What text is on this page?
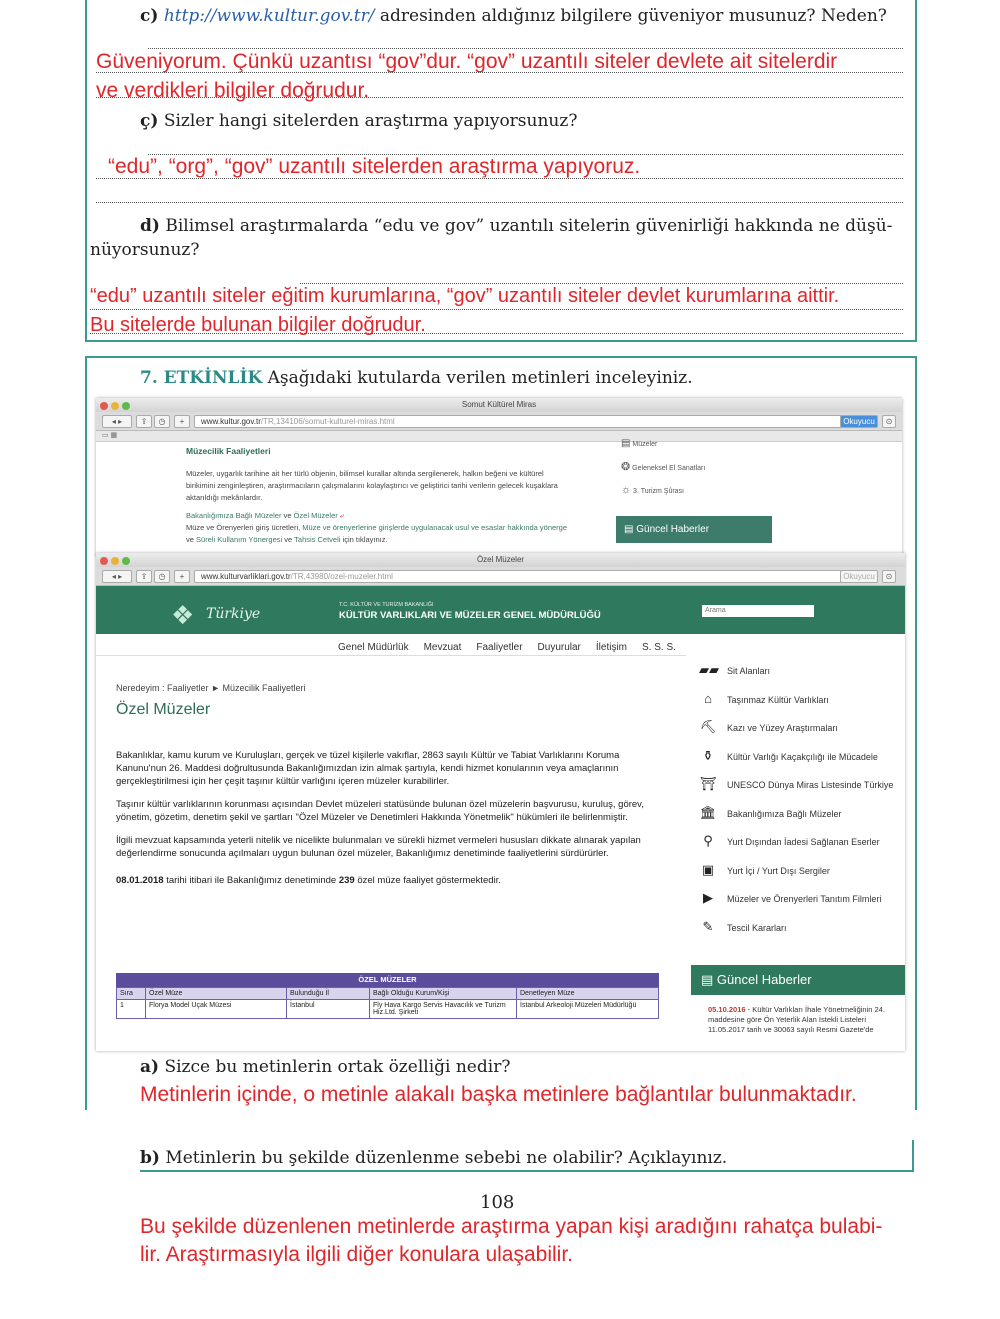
c) http://www.kultur.gov.tr/ adresinden aldığınız bilgilere güveniyor musunuz? Neden?
Güveniyorum. Çünkü uzantısı “gov”dur. “gov” uzantılı siteler devlete ait sitelerdir
ve verdikleri bilgiler doğrudur.
ç) Sizler hangi sitelerden araştırma yapıyorsunuz?
“edu”, “org”, “gov” uzantılı sitelerden araştırma yapıyoruz.
d) Bilimsel araştırmalarda “edu ve gov” uzantılı sitelerin güvenirliği hakkında ne düşü-
nüyorsunuz?
“edu” uzantılı siteler eğitim kurumlarına, “gov” uzantılı siteler devlet kurumlarına aittir.
Bu sitelerde bulunan bilgiler doğrudur.
7. ETKİNLİK Aşağıdaki kutularda verilen metinleri inceleyiniz.
Somut Kültürel Miras
◂ ▸	⇪	◷	+	www.kultur.gov.tr/TR,134106/somut-kulturel-miras.html	Okuyucu	⊙
▭ ▦
Müzecilik Faaliyetleri
Müzeler, uygarlık tarihine ait her türlü objenin, bilimsel kurallar altında sergilenerek, halkın beğeni ve kültürel
birikimini zenginleştiren, araştırmacıların çalışmalarını kolaylaştırıcı ve geliştirici tarihi verilerin gelecek kuşaklara
aktarıldığı mekânlardır.
Bakanlığımıza Bağlı Müzeler ve Özel Müzeler ⤶
Müze ve Örenyerleri giriş ücretleri, Müze ve örenyerlerine girişlerde uygulanacak usul ve esaslar hakkında yönerge
ve Süreli Kullanım Yönergesi ve Tahsis Cetveli için tıklayınız.
▤ Müzeler
❂ Geleneksel El Sanatları
☼ 3. Turizm Şûrası
▤ Güncel Haberler
Özel Müzeler
◂ ▸	⇪	◷	+	www.kulturvarliklari.gov.tr/TR,43980/ozel-muzeler.html	Okuyucu	⊙
❖ Türkiye
T.C. KÜLTÜR VE TURİZM BAKANLIĞI
KÜLTÜR VARLIKLARI VE MÜZELER GENEL MÜDÜRLÜĞÜ	Arama
Genel Müdürlük Mevzuat Faaliyetler Duyurular İletişim S. S. S.
Neredeyim : Faaliyetler ► Müzecilik Faaliyetleri
Özel Müzeler

Bakanlıklar, kamu kurum ve Kuruluşları, gerçek ve tüzel kişilerle vakıflar, 2863 sayılı Kültür ve Tabiat Varlıklarını Koruma Kanunu'nun 26. Maddesi doğrultusunda Bakanlığımızdan izin almak şartıyla, kendi hizmet konularının veya amaçlarının gerçekleştirilmesi için her çeşit taşınır kültür varlığını içeren müzeler kurabilirler.

Taşınır kültür varlıklarının korunması açısından Devlet müzeleri statüsünde bulunan özel müzelerin başvurusu, kuruluş, görev, yönetim, gözetim, denetim şekil ve şartları "Özel Müzeler ve Denetimleri Hakkında Yönetmelik" hükümleri ile belirlenmiştir.

İlgili mevzuat kapsamında yeterli nitelik ve nicelikte bulunmaları ve sürekli hizmet vermeleri hususları dikkate alınarak yapılan değerlendirme sonucunda açılmaları uygun bulunan özel müzeler, Bakanlığımız denetiminde faaliyetlerini sürdürürler.

08.01.2018 tarihi itibari ile Bakanlığımız denetiminde 239 özel müze faaliyet göstermektedir.

ÖZEL MÜZELER
Sıra	Özel Müze	Bulunduğu İl	Bağlı Olduğu Kurum/Kişi	Denetleyen Müze
1	Florya Model Uçak Müzesi	İstanbul	Fly Hava Kargo Servis Havacılık ve Turizm Hiz.Ltd. Şirketi	İstanbul Arkeoloji Müzeleri Müdürlüğü
▰▰ Sit Alanları
⌂	Taşınmaz Kültür Varlıkları
⛏ Kazı ve Yüzey Araştırmaları
⚱	Kültür Varlığı Kaçakçılığı ile Mücadele
⛩ UNESCO Dünya Miras Listesinde Türkiye
🏛 Bakanlığımıza Bağlı Müzeler
⚲	Yurt Dışından İadesi Sağlanan Eserler
▣	Yurt İçi / Yurt Dışı Sergiler
▶	Müzeler ve Örenyerleri Tanıtım Filmleri
✎	Tescil Kararları
▤ Güncel Haberler
05.10.2016 - Kültür Varlıkları İhale Yönetmeliğinin 24. maddesine göre Ön Yeterlik Alan İstekli Listeleri 11.05.2017 tarih ve 30063 sayılı Resmi Gazete'de
a) Sizce bu metinlerin ortak özelliği nedir?
Metinlerin içinde, o metinle alakalı başka metinlere bağlantılar bulunmaktadır.
b) Metinlerin bu şekilde düzenlenme sebebi ne olabilir? Açıklayınız.
108
Bu şekilde düzenlenen metinlerde araştırma yapan kişi aradığını rahatça bulabi-
lir. Araştırmasıyla ilgili diğer konulara ulaşabilir.
